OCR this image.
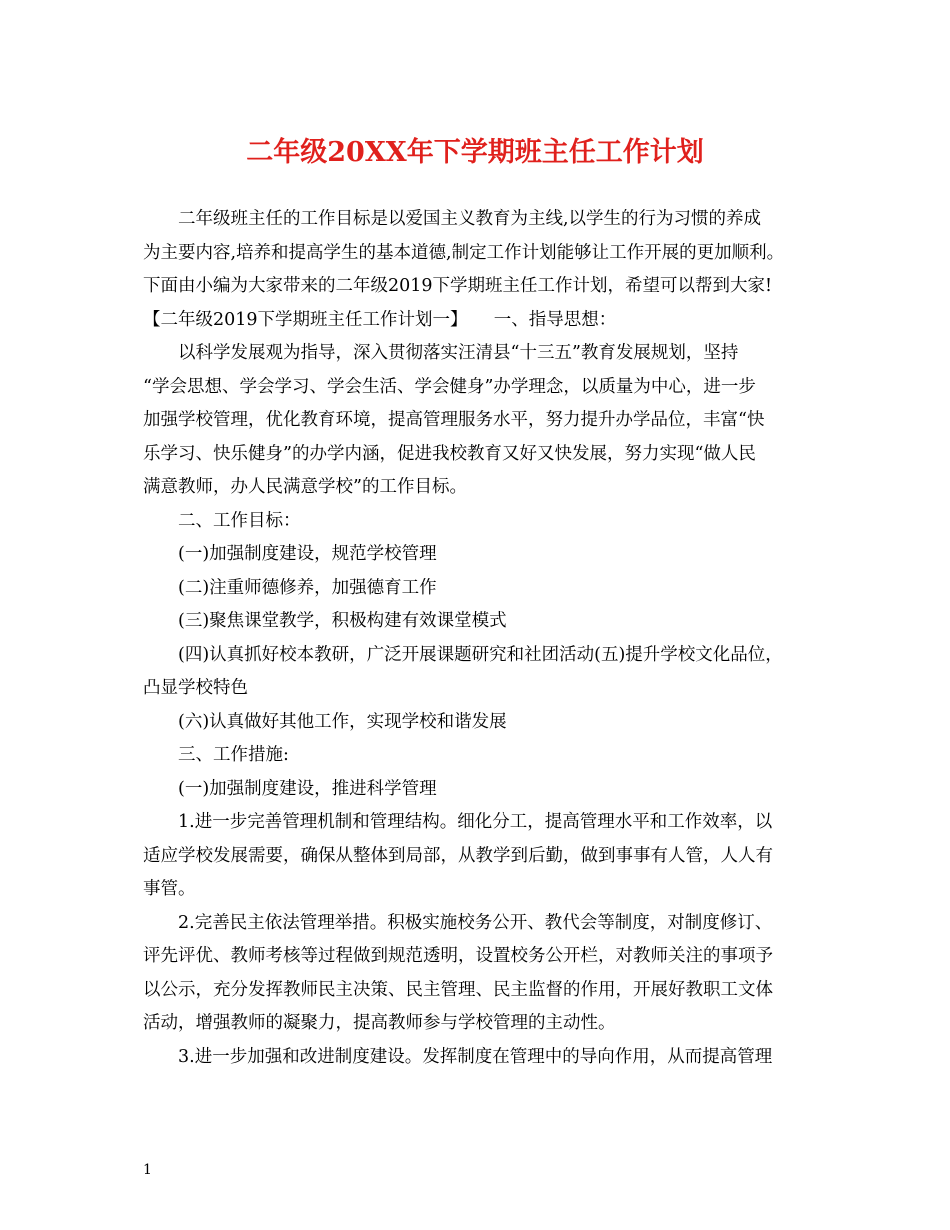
二年级20XX年下学期班主任工作计划
二年级班主任的工作目标是以爱国主义教育为主线,以学生的行为习惯的养成
为主要内容,培养和提高学生的基本道德,制定工作计划能够让工作开展的更加顺利。
下面由小编为大家带来的二年级2019下学期班主任工作计划，希望可以帮到大家!
【二年级2019下学期班主任工作计划一】　　一、指导思想：
以科学发展观为指导，深入贯彻落实汪清县“十三五”教育发展规划，坚持
“学会思想、学会学习、学会生活、学会健身”办学理念，以质量为中心，进一步
加强学校管理，优化教育环境，提高管理服务水平，努力提升办学品位，丰富“快
乐学习、快乐健身”的办学内涵，促进我校教育又好又快发展，努力实现“做人民
满意教师，办人民满意学校”的工作目标。
二、工作目标：
(一)加强制度建设，规范学校管理
(二)注重师德修养，加强德育工作
(三)聚焦课堂教学，积极构建有效课堂模式
(四)认真抓好校本教研，广泛开展课题研究和社团活动(五)提升学校文化品位，
凸显学校特色
(六)认真做好其他工作，实现学校和谐发展
三、工作措施:
(一)加强制度建设，推进科学管理
1.进一步完善管理机制和管理结构。细化分工，提高管理水平和工作效率，以
适应学校发展需要，确保从整体到局部，从教学到后勤，做到事事有人管，人人有
事管。
2.完善民主依法管理举措。积极实施校务公开、教代会等制度，对制度修订、
评先评优、教师考核等过程做到规范透明，设置校务公开栏，对教师关注的事项予
以公示，充分发挥教师民主决策、民主管理、民主监督的作用，开展好教职工文体
活动，增强教师的凝聚力，提高教师参与学校管理的主动性。
3.进一步加强和改进制度建设。发挥制度在管理中的导向作用，从而提高管理
1
